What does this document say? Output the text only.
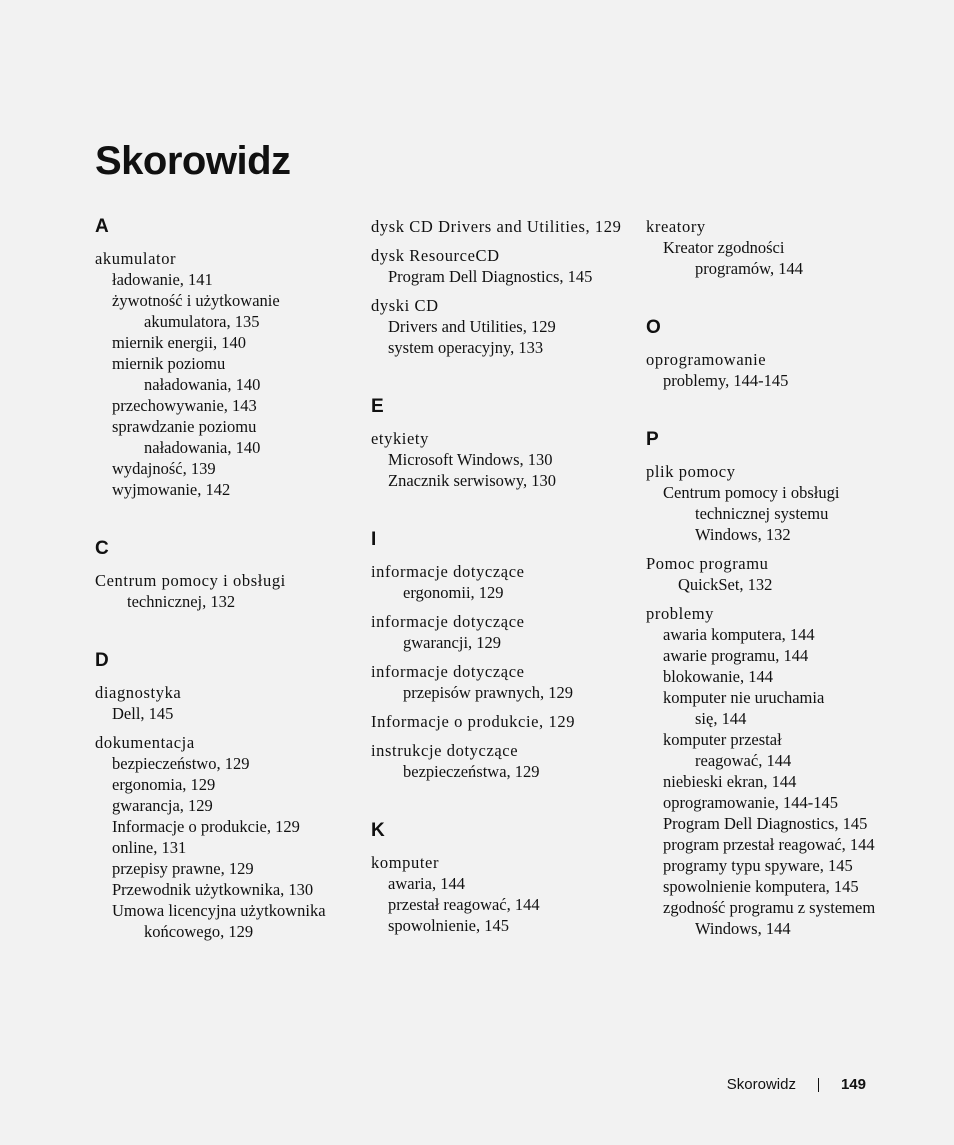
Skorowidz
A
akumulator
ładowanie, 141
żywotność i użytkowanie
akumulatora, 135
miernik energii, 140
miernik poziomu
naładowania, 140
przechowywanie, 143
sprawdzanie poziomu
naładowania, 140
wydajność, 139
wyjmowanie, 142
C
Centrum pomocy i obsługi
technicznej, 132
D
diagnostyka
Dell, 145
dokumentacja
bezpieczeństwo, 129
ergonomia, 129
gwarancja, 129
Informacje o produkcie, 129
online, 131
przepisy prawne, 129
Przewodnik użytkownika, 130
Umowa licencyjna użytkownika
końcowego, 129
dysk CD Drivers and Utilities, 129
dysk ResourceCD
Program Dell Diagnostics, 145
dyski CD
Drivers and Utilities, 129
system operacyjny, 133
E
etykiety
Microsoft Windows, 130
Znacznik serwisowy, 130
I
informacje dotyczące
ergonomii, 129
informacje dotyczące
gwarancji, 129
informacje dotyczące
przepisów prawnych, 129
Informacje o produkcie, 129
instrukcje dotyczące
bezpieczeństwa, 129
K
komputer
awaria, 144
przestał reagować, 144
spowolnienie, 145
kreatory
Kreator zgodności
programów, 144
O
oprogramowanie
problemy, 144-145
P
plik pomocy
Centrum pomocy i obsługi
technicznej systemu
Windows, 132
Pomoc programu
QuickSet, 132
problemy
awaria komputera, 144
awarie programu, 144
blokowanie, 144
komputer nie uruchamia
się, 144
komputer przestał
reagować, 144
niebieski ekran, 144
oprogramowanie, 144-145
Program Dell Diagnostics, 145
program przestał reagować, 144
programy typu spyware, 145
spowolnienie komputera, 145
zgodność programu z systemem
Windows, 144
Skorowidz	149
